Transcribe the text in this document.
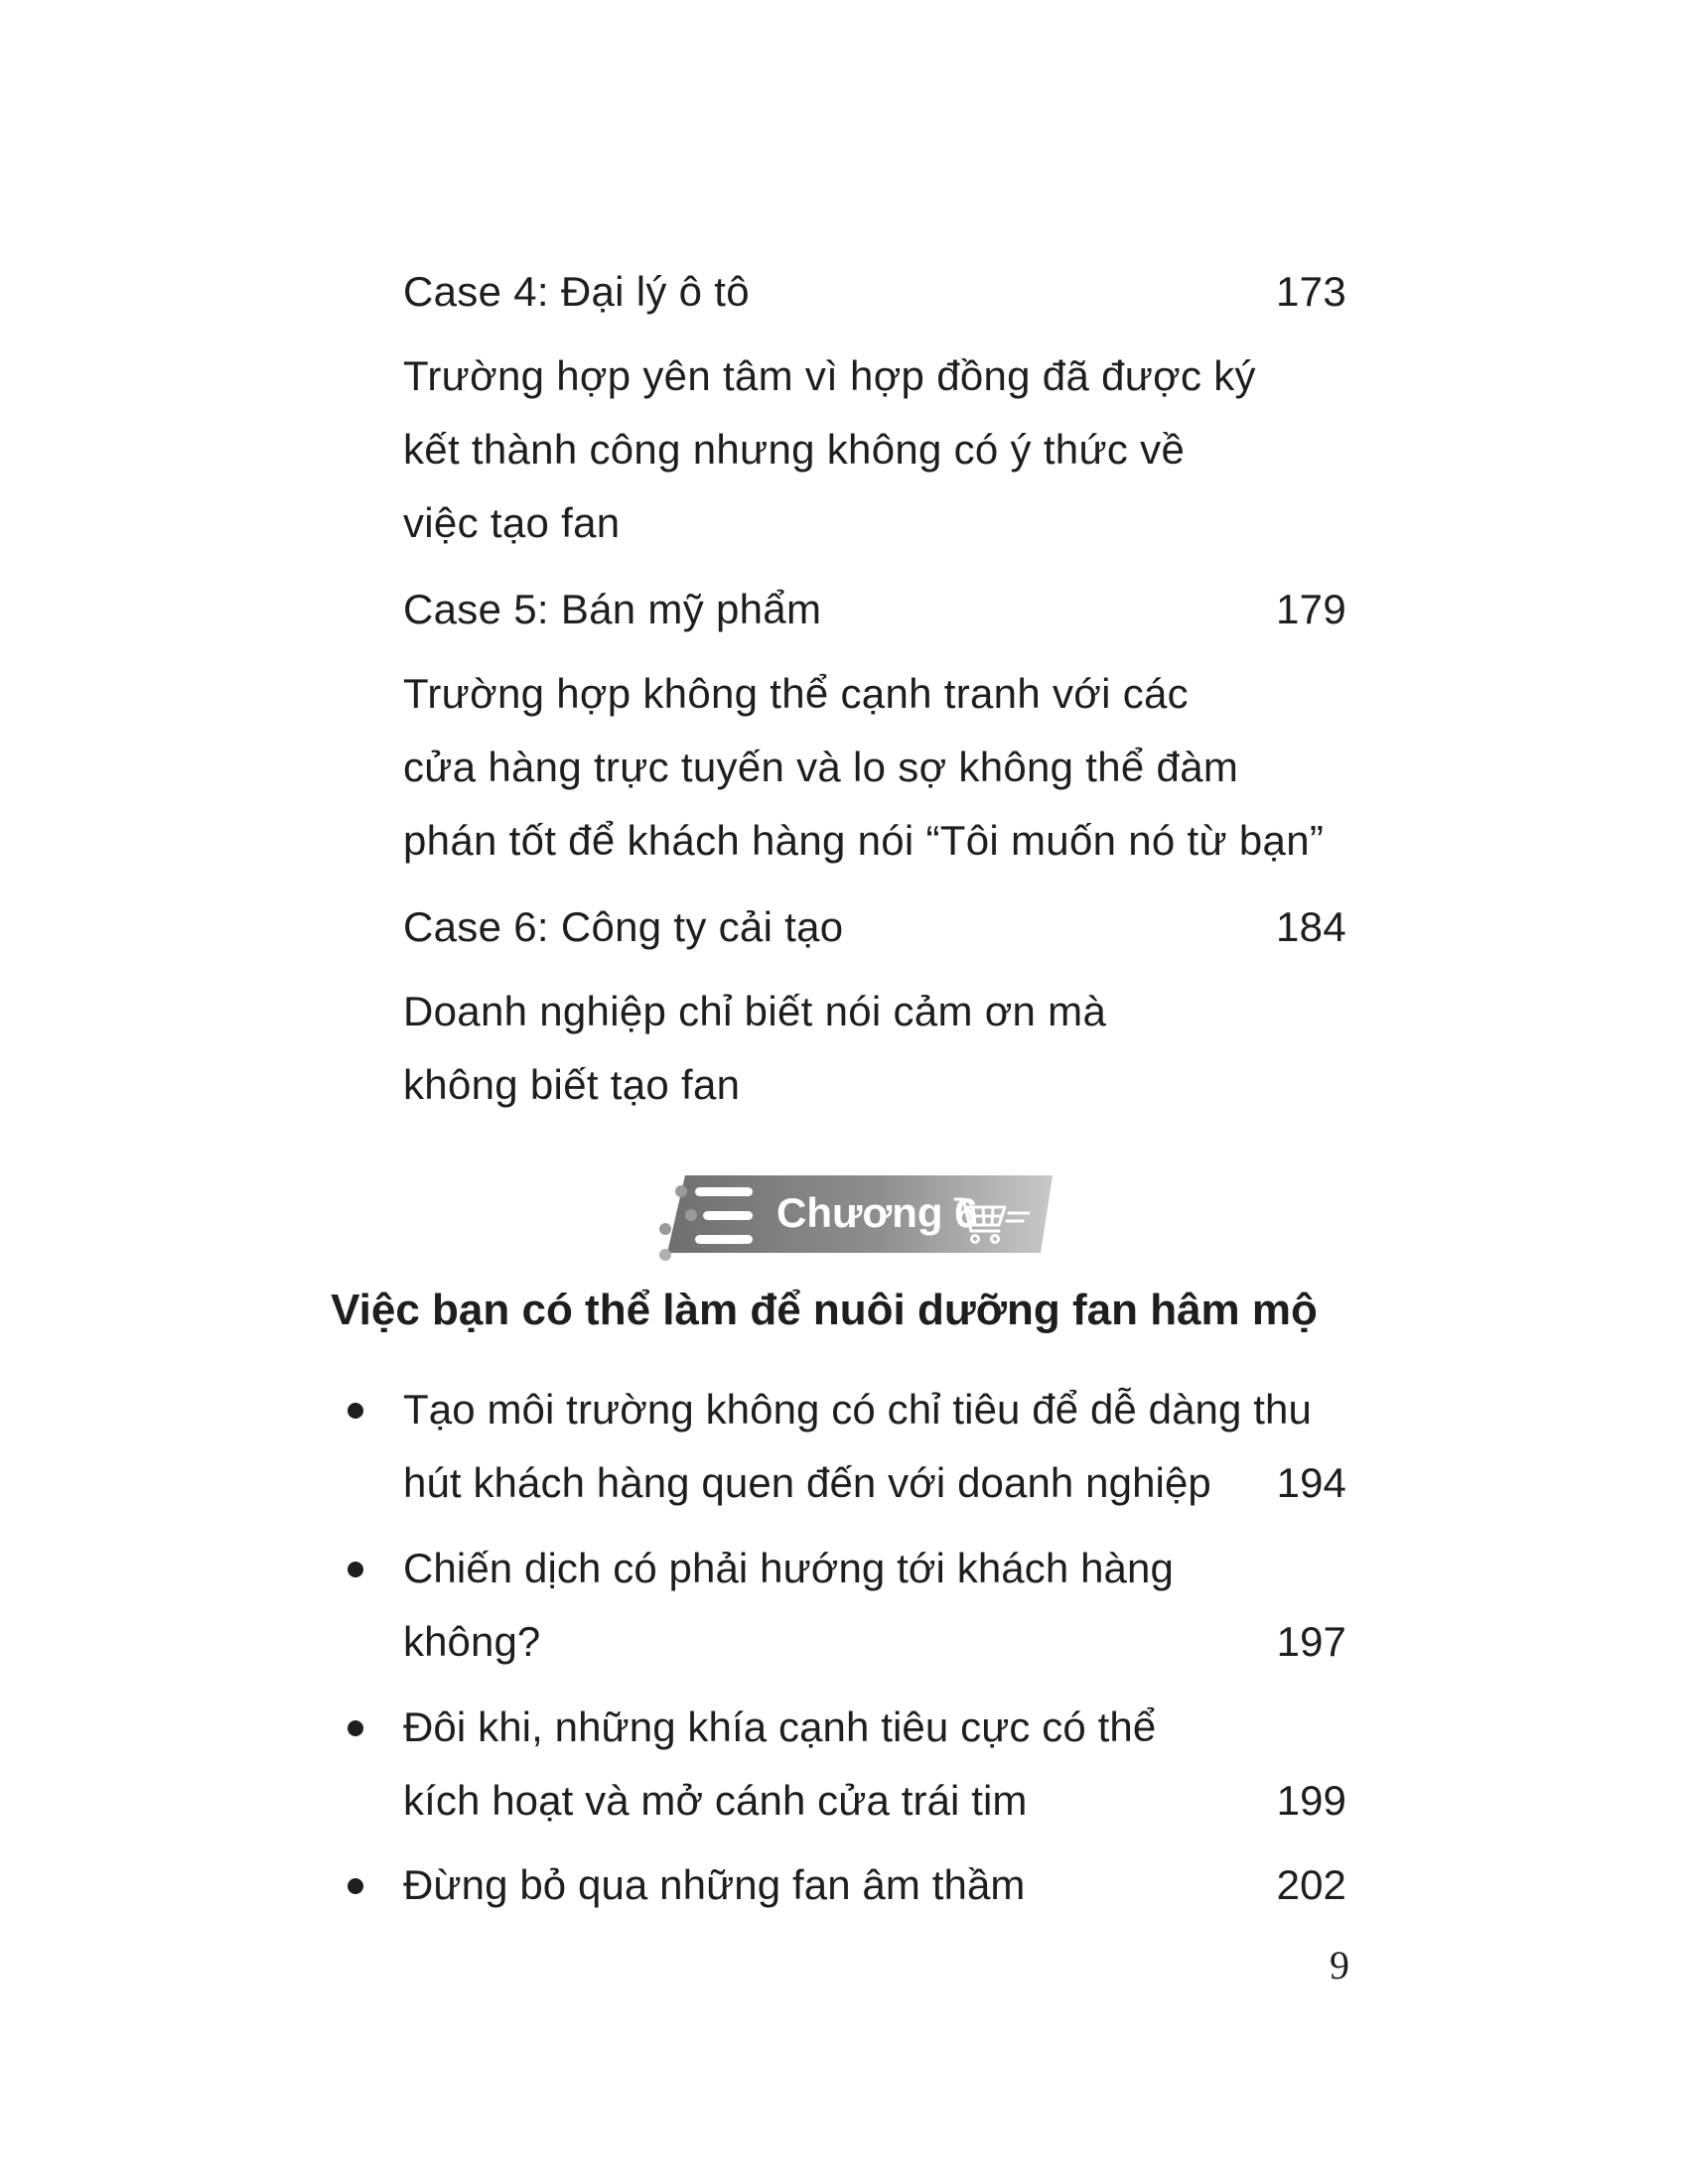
Case 4: Đại lý ô tô	173
Trường hợp yên tâm vì hợp đồng đã được ký
kết thành công nhưng không có ý thức về
việc tạo fan
Case 5: Bán mỹ phẩm	179
Trường hợp không thể cạnh tranh với các
cửa hàng trực tuyến và lo sợ không thể đàm
phán tốt để khách hàng nói “Tôi muốn nó từ bạn”
Case 6: Công ty cải tạo	184
Doanh nghiệp chỉ biết nói cảm ơn mà
không biết tạo fan
Chương 6
Việc bạn có thể làm để nuôi dưỡng fan hâm mộ
Tạo môi trường không có chỉ tiêu để dễ dàng thu
hút khách hàng quen đến với doanh nghiệp	194
Chiến dịch có phải hướng tới khách hàng
không?	197
Đôi khi, những khía cạnh tiêu cực có thể
kích hoạt và mở cánh cửa trái tim	199
Đừng bỏ qua những fan âm thầm	202
9
